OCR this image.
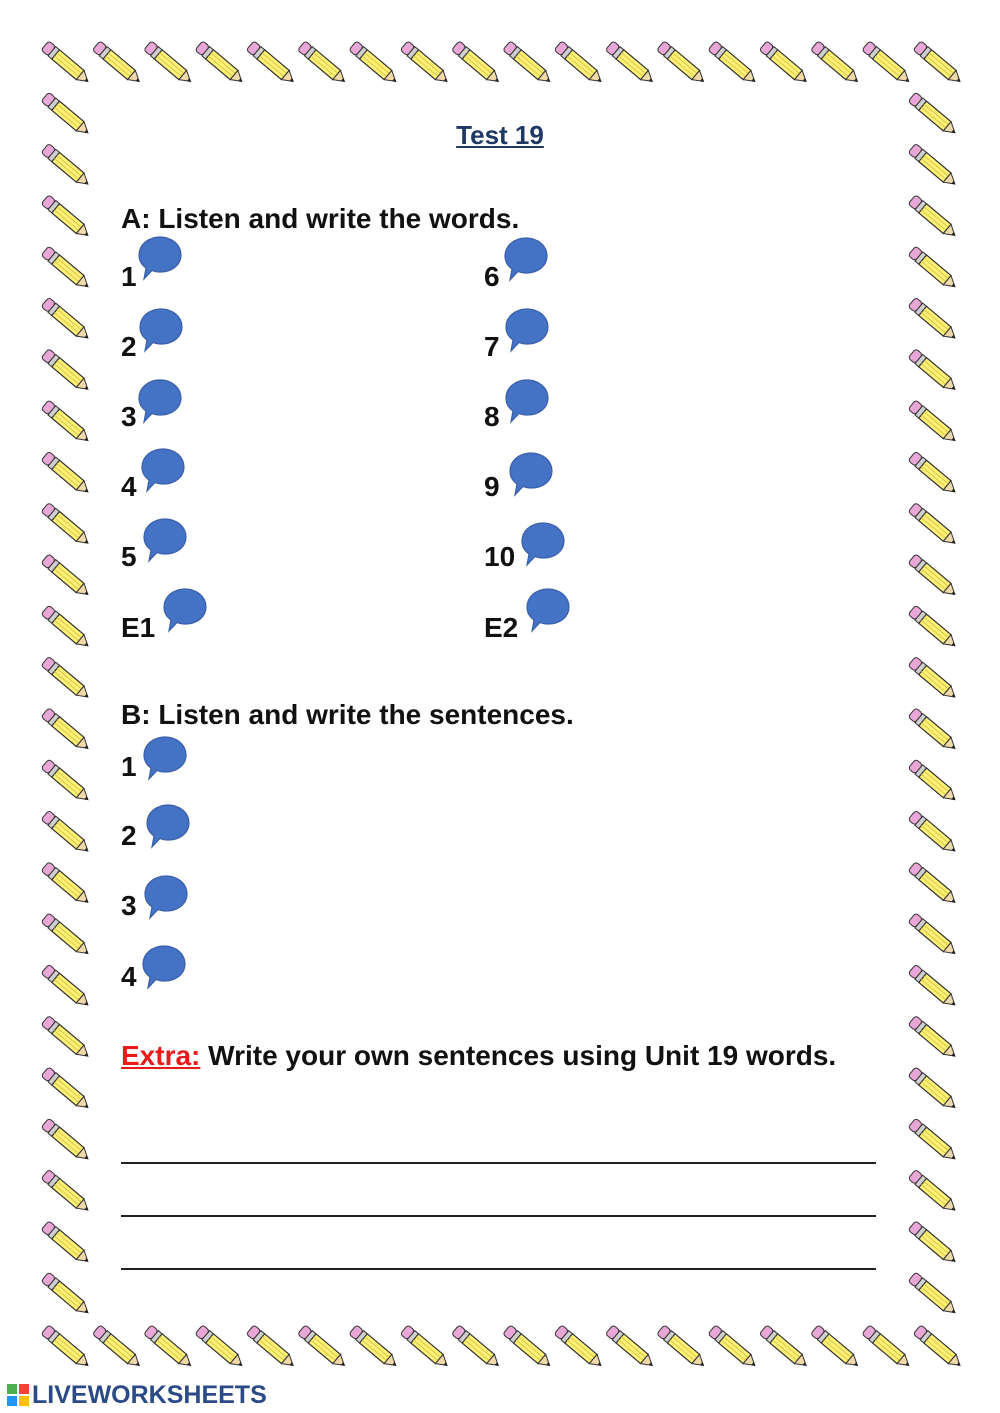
Test 19
A: Listen and write the words.
1
2
3
4
5
E1
6
7
8
9
10
E2
B: Listen and write the sentences.
1
2
3
4
Extra: Write your own sentences using Unit 19 words.
LIVEWORKSHEETS
